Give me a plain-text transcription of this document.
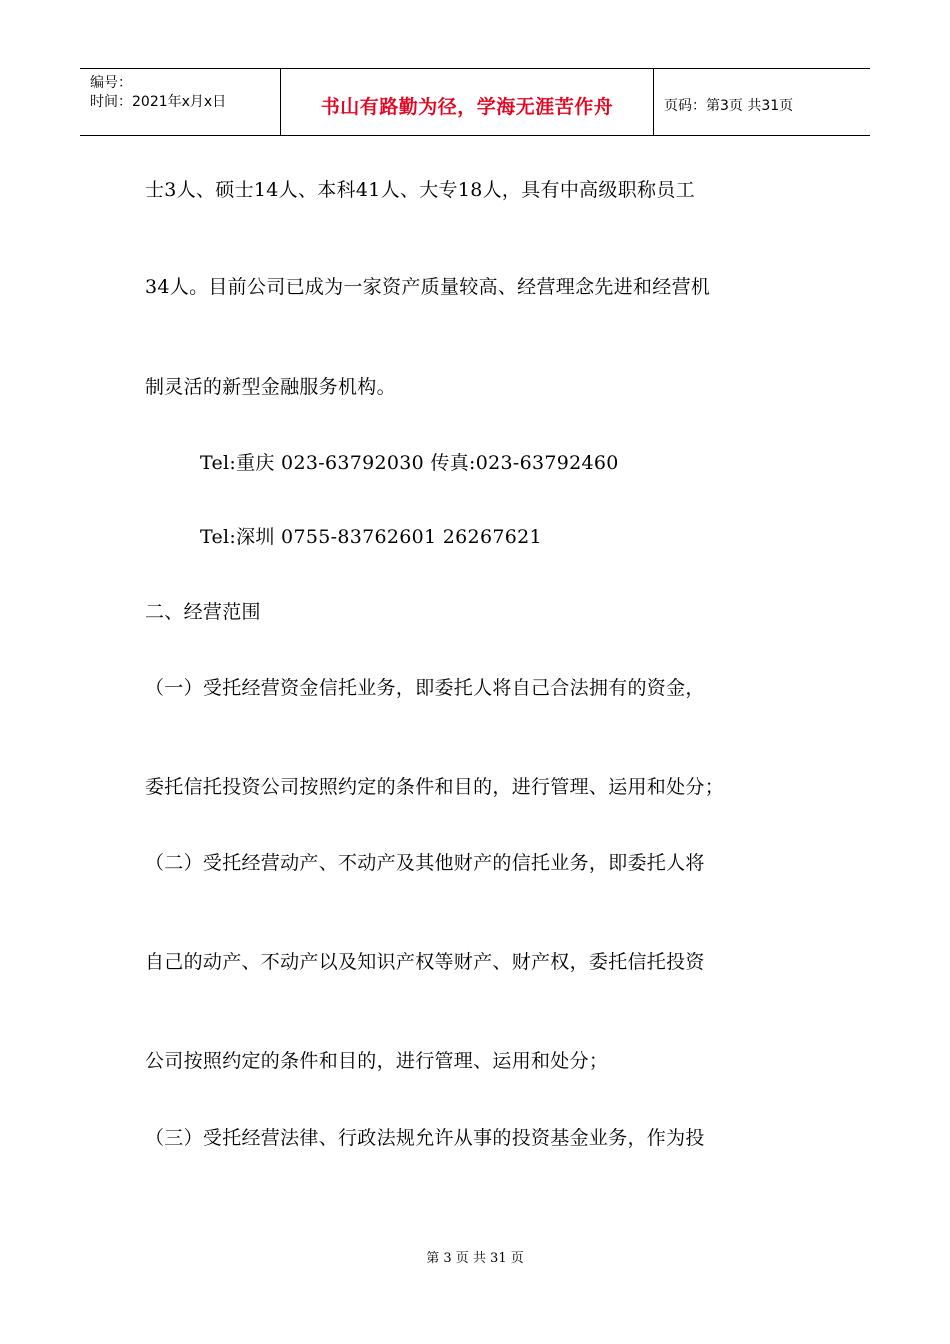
编号：
时间：2021年x月x日	书山有路勤为径，学海无涯苦作舟	页码：第3页 共31页
士3人、硕士14人、本科41人、大专18人，具有中高级职称员工
34人。目前公司已成为一家资产质量较高、经营理念先进和经营机
制灵活的新型金融服务机构。
Tel:重庆 023-63792030 传真:023-63792460
Tel:深圳 0755-83762601 26267621
二、经营范围
（一）受托经营资金信托业务，即委托人将自己合法拥有的资金，
委托信托投资公司按照约定的条件和目的，进行管理、运用和处分；
（二）受托经营动产、不动产及其他财产的信托业务，即委托人将
自己的动产、不动产以及知识产权等财产、财产权，委托信托投资
公司按照约定的条件和目的，进行管理、运用和处分；
（三）受托经营法律、行政法规允许从事的投资基金业务，作为投
第 3 页 共 31 页
